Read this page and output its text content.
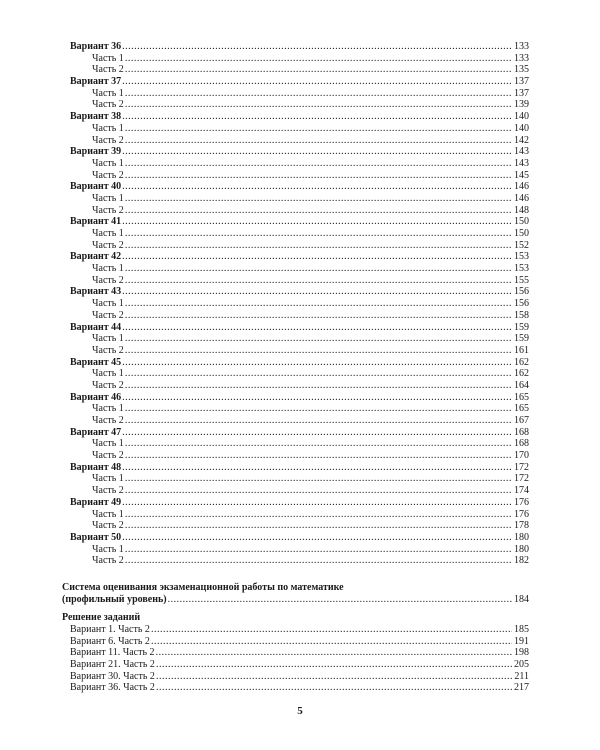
Вариант 36 .....	133
Часть 1 .....	133
Часть 2 .....	135
Вариант 37 .....	137
Часть 1 .....	137
Часть 2 .....	139
Вариант 38 .....	140
Часть 1 .....	140
Часть 2 .....	142
Вариант 39 .....	143
Часть 1 .....	143
Часть 2 .....	145
Вариант 40 .....	146
Часть 1 .....	146
Часть 2 .....	148
Вариант 41 .....	150
Часть 1 .....	150
Часть 2 .....	152
Вариант 42 .....	153
Часть 1 .....	153
Часть 2 .....	155
Вариант 43 .....	156
Часть 1 .....	156
Часть 2 .....	158
Вариант 44 .....	159
Часть 1 .....	159
Часть 2 .....	161
Вариант 45 .....	162
Часть 1 .....	162
Часть 2 .....	164
Вариант 46 .....	165
Часть 1 .....	165
Часть 2 .....	167
Вариант 47 .....	168
Часть 1 .....	168
Часть 2 .....	170
Вариант 48 .....	172
Часть 1 .....	172
Часть 2 .....	174
Вариант 49 .....	176
Часть 1 .....	176
Часть 2 .....	178
Вариант 50 .....	180
Часть 1 .....	180
Часть 2 .....	182
Система оценивания экзаменационной работы по математике
(профильный уровень) .....	184
Решение заданий
Вариант 1. Часть 2 .....	185
Вариант 6. Часть 2 .....	191
Вариант 11. Часть 2 .....	198
Вариант 21. Часть 2 .....	205
Вариант 30. Часть 2 .....	211
Вариант 36. Часть 2 .....	217
5
